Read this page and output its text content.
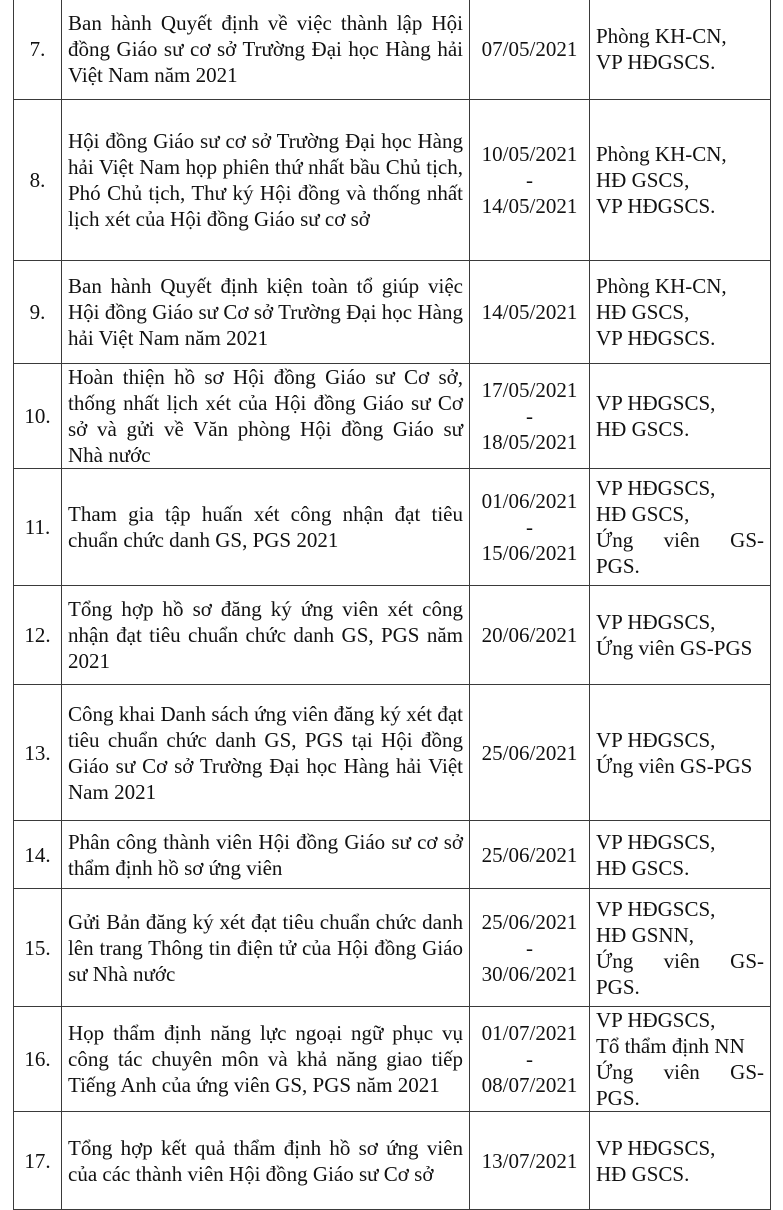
7.	Ban hành Quyết định về việc thành lập Hội đồng Giáo sư cơ sở Trường Đại học Hàng hải Việt Nam năm 2021	07/05/2021	Phòng KH-CN,
VP HĐGSCS.

8.	Hội đồng Giáo sư cơ sở Trường Đại học Hàng hải Việt Nam họp phiên thứ nhất bầu Chủ tịch, Phó Chủ tịch, Thư ký Hội đồng và thống nhất lịch xét của Hội đồng Giáo sư cơ sở	10/05/2021
-
14/05/2021	Phòng KH-CN,
HĐ GSCS,
VP HĐGSCS.

9.	Ban hành Quyết định kiện toàn tổ giúp việc Hội đồng Giáo sư Cơ sở Trường Đại học Hàng hải Việt Nam năm 2021	14/05/2021	Phòng KH-CN,
HĐ GSCS,
VP HĐGSCS.

10.	Hoàn thiện hồ sơ Hội đồng Giáo sư Cơ sở, thống nhất lịch xét của Hội đồng Giáo sư Cơ sở và gửi về Văn phòng Hội đồng Giáo sư Nhà nước	17/05/2021
-
18/05/2021	VP HĐGSCS,
HĐ GSCS.

11.	Tham gia tập huấn xét công nhận đạt tiêu chuẩn chức danh GS, PGS 2021	01/06/2021
-
15/06/2021	VP HĐGSCS,
HĐ GSCS,
Ứng viên GS-
PGS.

12.	Tổng hợp hồ sơ đăng ký ứng viên xét công nhận đạt tiêu chuẩn chức danh GS, PGS năm 2021	20/06/2021	VP HĐGSCS,
Ứng viên GS-PGS

13.	Công khai Danh sách ứng viên đăng ký xét đạt tiêu chuẩn chức danh GS, PGS tại Hội đồng Giáo sư Cơ sở Trường Đại học Hàng hải Việt Nam 2021	25/06/2021	VP HĐGSCS,
Ứng viên GS-PGS

14.	Phân công thành viên Hội đồng Giáo sư cơ sở thẩm định hồ sơ ứng viên	25/06/2021	VP HĐGSCS,
HĐ GSCS.

15.	Gửi Bản đăng ký xét đạt tiêu chuẩn chức danh lên trang Thông tin điện tử của Hội đồng Giáo sư Nhà nước	25/06/2021
-
30/06/2021	VP HĐGSCS,
HĐ GSNN,
Ứng viên GS-
PGS.

16.	Họp thẩm định năng lực ngoại ngữ phục vụ công tác chuyên môn và khả năng giao tiếp Tiếng Anh của ứng viên GS, PGS năm 2021	01/07/2021
-
08/07/2021	VP HĐGSCS,
Tổ thẩm định NN
Ứng viên GS-
PGS.

17.	Tổng hợp kết quả thẩm định hồ sơ ứng viên của các thành viên Hội đồng Giáo sư Cơ sở	13/07/2021	VP HĐGSCS,
HĐ GSCS.
